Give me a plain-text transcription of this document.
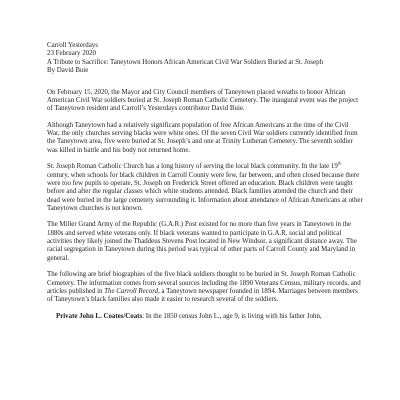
Carroll Yesterdays
23 February 2020
A Tribute to Sacrifice: Taneytown Honors African American Civil War Soldiers Buried at St. Joseph
By David Buie

On February 15, 2020, the Mayor and City Council members of Taneytown placed wreaths to honor African American Civil War soldiers buried at St. Joseph Roman Catholic Cemetery. The inaugural event was the project of Taneytown resident and Carroll’s Yesterdays contributor David Buie.

Although Taneytown had a relatively significant population of free African Americans at the time of the Civil War, the only churches serving blacks were white ones. Of the seven Civil War soldiers currently identified from the Taneytown area, five were buried at St. Joseph’s and one at Trinity Lutheran Cemetery. The seventh soldier was killed in battle and his body not returned home.

St. Joseph Roman Catholic Church has a long history of serving the local black community. In the late 19th century, when schools for black children in Carroll County were few, far between, and often closed because there were too few pupils to operate, St. Joseph on Frederick Street offered an education. Black children were taught before and after the regular classes which white students attended. Black families attended the church and their dead were buried in the large cemetery surrounding it. Information about attendance of African Americans at other Taneytown churches is not known.

The Miller Grand Army of the Republic (G.A.R.) Post existed for no more than five years in Taneytown in the 1880s and served white veterans only. If black veterans wanted to participate in G.A.R. social and political activities they likely joined the Thaddeus Stevens Post located in New Windsor, a significant distance away. The racial segregation in Taneytown during this period was typical of other parts of Carroll County and Maryland in general.

The following are brief biographies of the five black soldiers thought to be buried in St. Joseph Roman Catholic Cemetery. The information comes from several sources including the 1890 Veterans Census, military records, and articles published in The Carroll Record, a Taneytown newspaper founded in 1894. Marriages between members of Taneytown’s black families also made it easier to research several of the soldiers.

Private John L. Coates/Coats: In the 1850 census John L., age 9, is living with his father John,
